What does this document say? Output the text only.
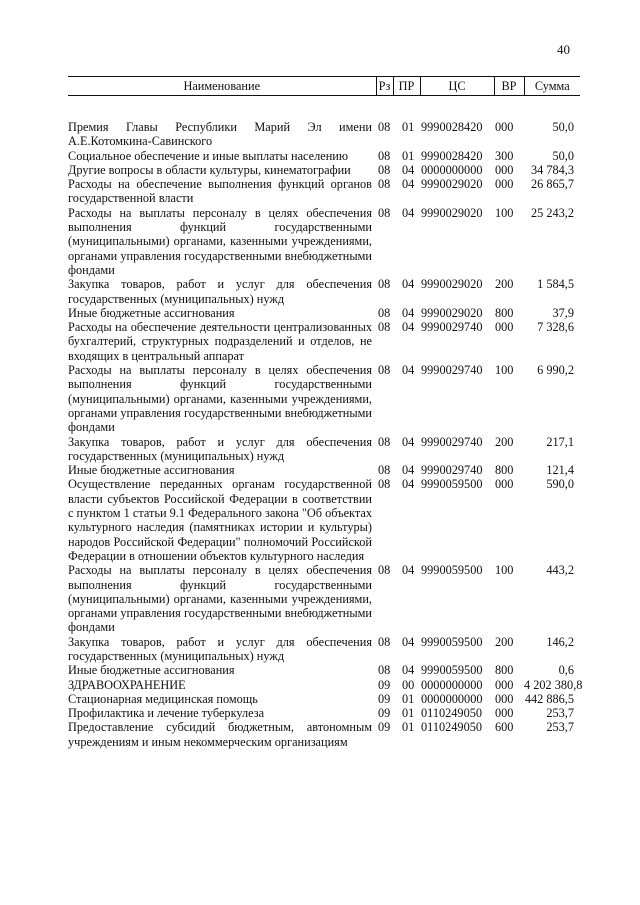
40
Наименование	Рз	ПР	ЦС	ВР	Сумма

Премия Главы Республики Марий Эл имени А.Е.Котомкина-Савинского	08	01	9990028420	000	50,0
Социальное обеспечение и иные выплаты населению	08	01	9990028420	300	50,0
Другие вопросы в области культуры, кинематографии	08	04	0000000000	000	34 784,3
Расходы на обеспечение выполнения функций органов государственной власти	08	04	9990029020	000	26 865,7
Расходы на выплаты персоналу в целях обеспечения выполнения функций государственными (муниципальными) органами, казенными учреждениями, органами управления государственными внебюджетными фондами	08	04	9990029020	100	25 243,2
Закупка товаров, работ и услуг для обеспечения государственных (муниципальных) нужд	08	04	9990029020	200	1 584,5
Иные бюджетные ассигнования	08	04	9990029020	800	37,9
Расходы на обеспечение деятельности централизованных бухгалтерий, структурных подразделений и отделов, не входящих в центральный аппарат	08	04	9990029740	000	7 328,6
Расходы на выплаты персоналу в целях обеспечения выполнения функций государственными (муниципальными) органами, казенными учреждениями, органами управления государственными внебюджетными фондами	08	04	9990029740	100	6 990,2
Закупка товаров, работ и услуг для обеспечения государственных (муниципальных) нужд	08	04	9990029740	200	217,1
Иные бюджетные ассигнования	08	04	9990029740	800	121,4
Осуществление переданных органам государственной власти субъектов Российской Федерации в соответствии с пунктом 1 статьи 9.1 Федерального закона "Об объектах культурного наследия (памятниках истории и культуры) народов Российской Федерации" полномочий Российской Федерации в отношении объектов культурного наследия	08	04	9990059500	000	590,0
Расходы на выплаты персоналу в целях обеспечения выполнения функций государственными (муниципальными) органами, казенными учреждениями, органами управления государственными внебюджетными фондами	08	04	9990059500	100	443,2
Закупка товаров, работ и услуг для обеспечения государственных (муниципальных) нужд	08	04	9990059500	200	146,2
Иные бюджетные ассигнования	08	04	9990059500	800	0,6
ЗДРАВООХРАНЕНИЕ	09	00	0000000000	000	4 202 380,8
Стационарная медицинская помощь	09	01	0000000000	000	442 886,5
Профилактика и лечение туберкулеза	09	01	0110249050	000	253,7
Предоставление субсидий бюджетным, автономным учреждениям и иным некоммерческим организациям	09	01	0110249050	600	253,7
